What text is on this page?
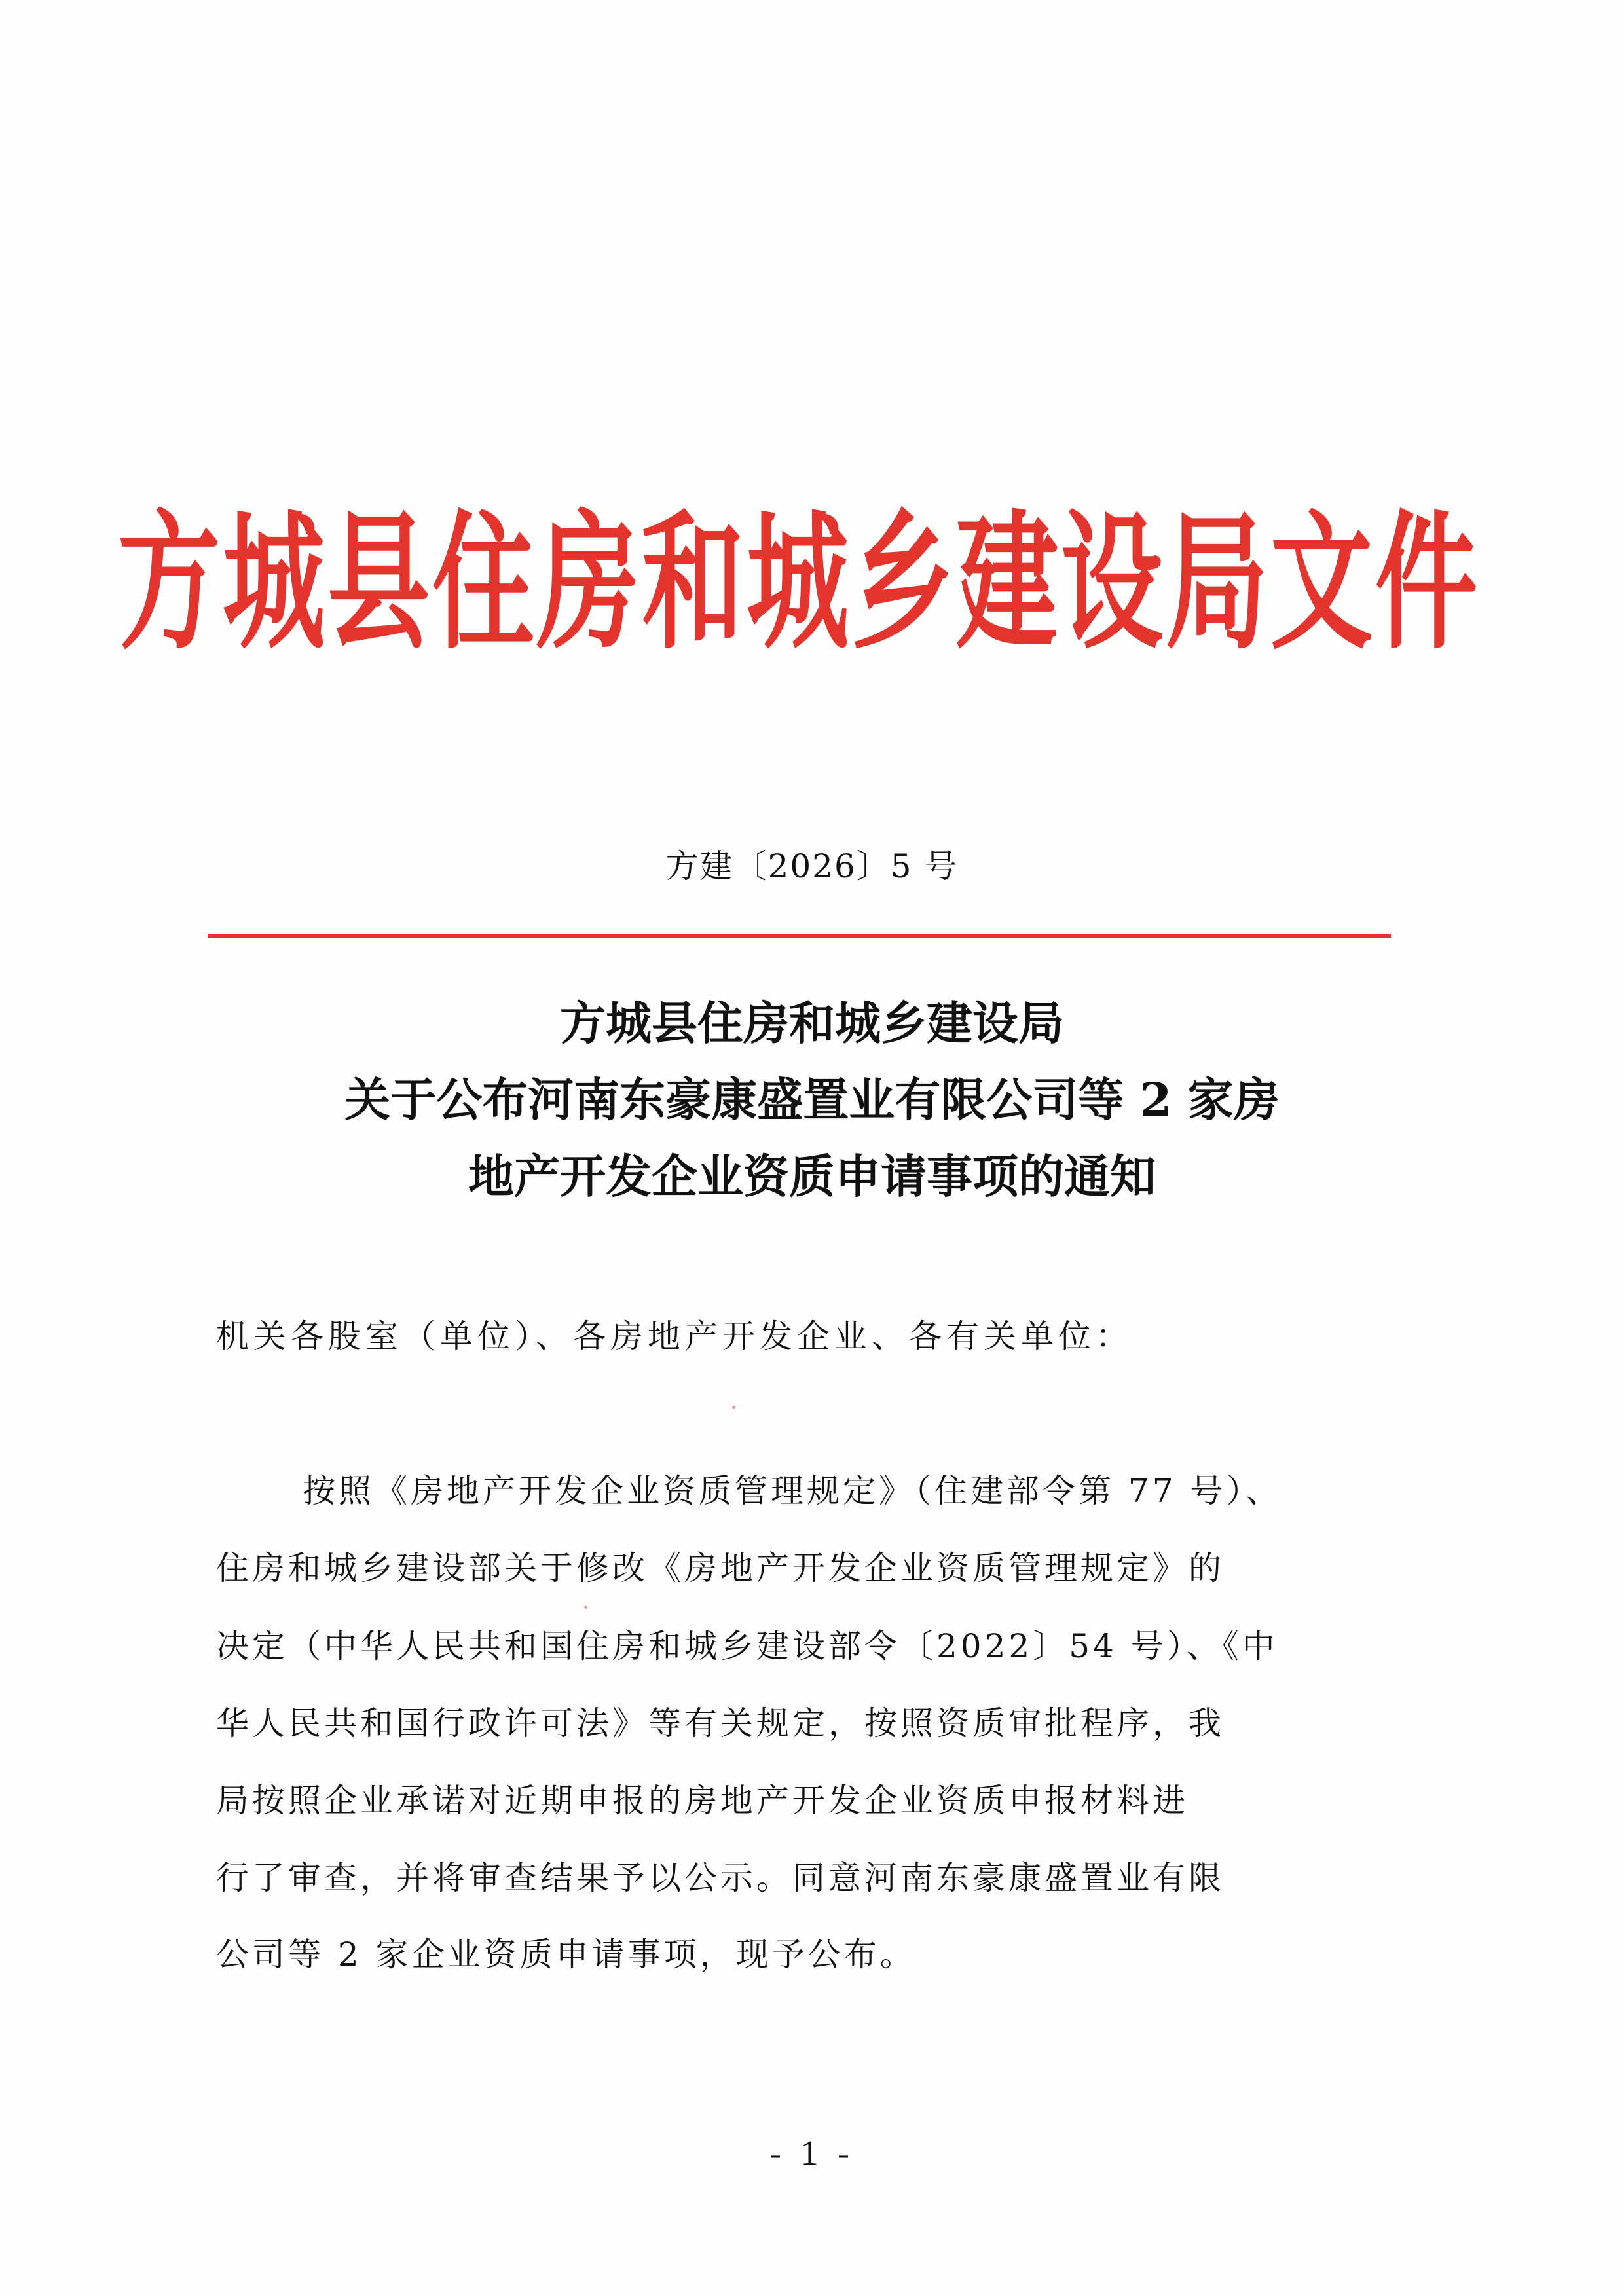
方城县住房和城乡建设局文件
方建〔2026〕5 号
方城县住房和城乡建设局
关于公布河南东豪康盛置业有限公司等 2 家房
地产开发企业资质申请事项的通知
机关各股室（单位）、各房地产开发企业、各有关单位：
按照《房地产开发企业资质管理规定》（住建部令第 77 号）、
住房和城乡建设部关于修改《房地产开发企业资质管理规定》的
决定（中华人民共和国住房和城乡建设部令〔2022〕54 号）、《中
华人民共和国行政许可法》等有关规定，按照资质审批程序，我
局按照企业承诺对近期申报的房地产开发企业资质申报材料进
行了审查，并将审查结果予以公示。同意河南东豪康盛置业有限
公司等 2 家企业资质申请事项，现予公布。
- 1 -
